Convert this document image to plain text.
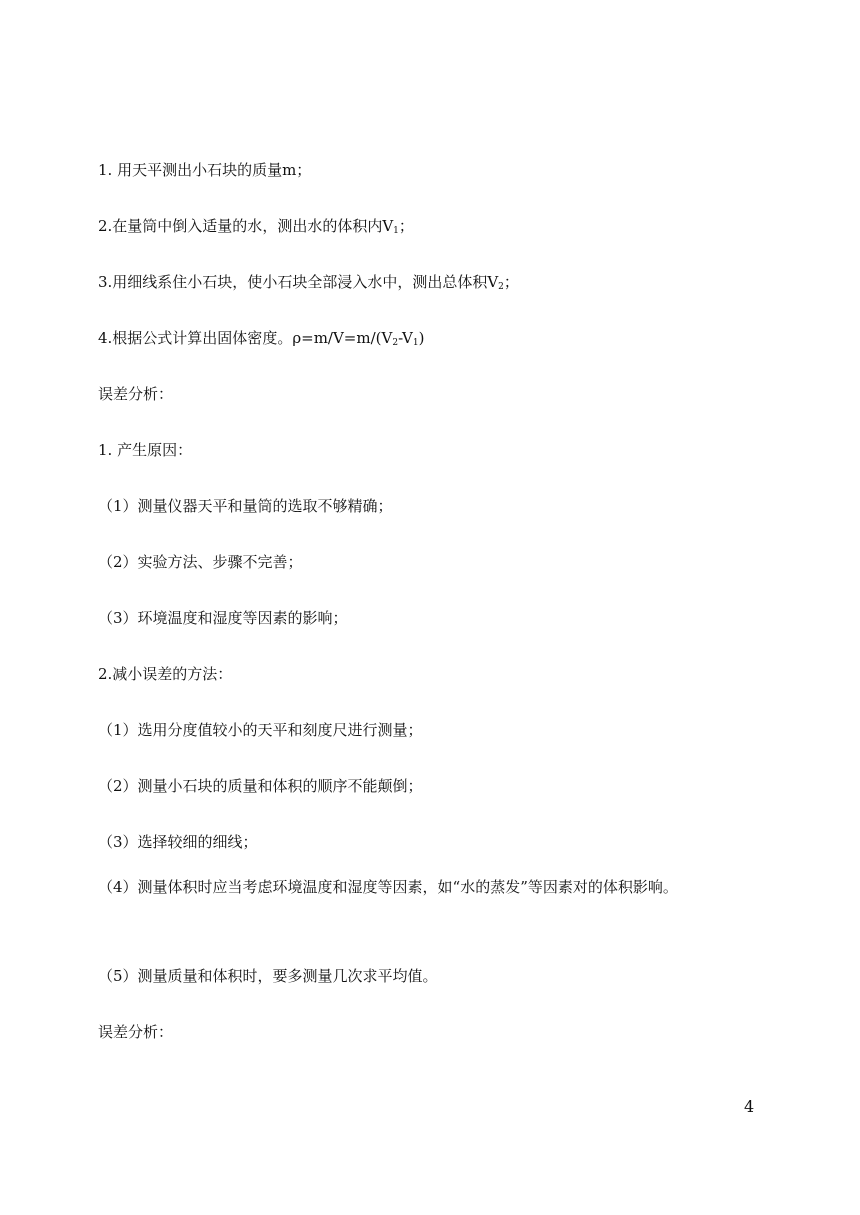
1. 用天平测出小石块的质量m；
2.在量筒中倒入适量的水，测出水的体积内$V_1$；
3.用细线系住小石块，使小石块全部浸入水中，测出总体积$V_2$；
4.根据公式计算出固体密度。$\rho=m/V=m/(V_2-V_1)$
误差分析：
1. 产生原因：
（1）测量仪器天平和量筒的选取不够精确；
（2）实验方法、步骤不完善；
（3）环境温度和湿度等因素的影响；
2.减小误差的方法：
（1）选用分度值较小的天平和刻度尺进行测量；
（2）测量小石块的质量和体积的顺序不能颠倒；
（3）选择较细的细线；
（4）测量体积时应当考虑环境温度和湿度等因素，如“水的蒸发”等因素对的体积影响。
（5）测量质量和体积时，要多测量几次求平均值。
误差分析：
4
